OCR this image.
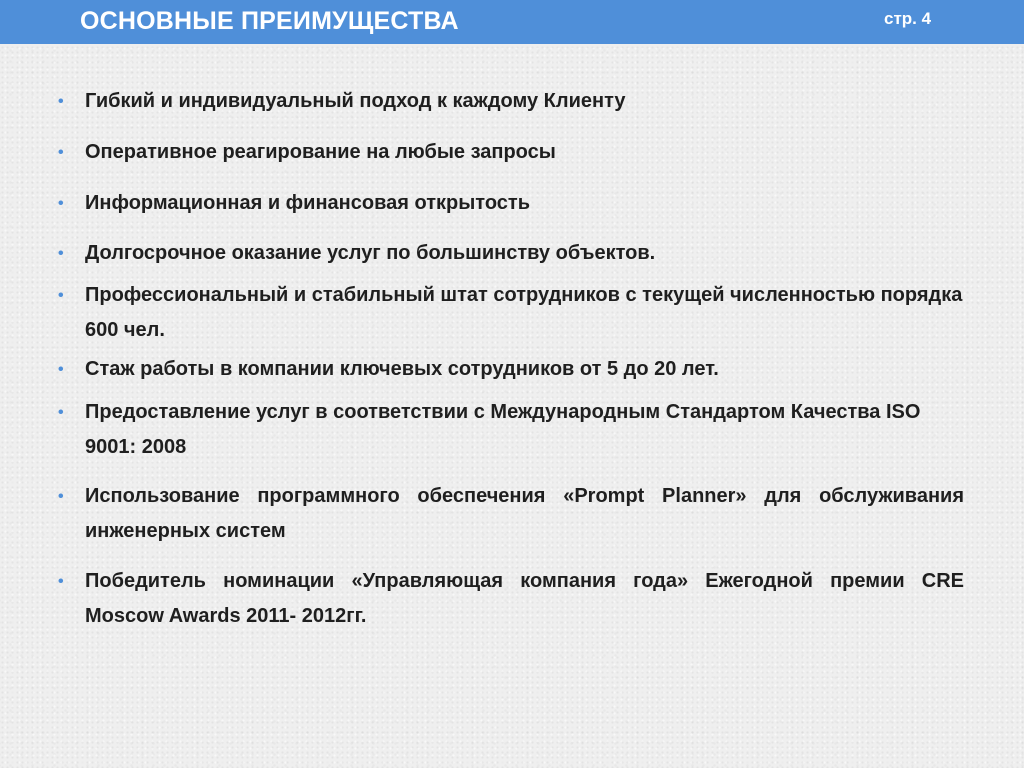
ОСНОВНЫЕ ПРЕИМУЩЕСТВА	стр. 4
•	Гибкий и индивидуальный подход к каждому Клиенту
•	Оперативное реагирование на любые запросы
•	Информационная и финансовая открытость
•	Долгосрочное оказание услуг по большинству объектов.
•	Профессиональный и стабильный штат сотрудников с текущей численностью порядка 600 чел.
•	Стаж работы в компании ключевых сотрудников от 5 до 20 лет.
•	Предоставление услуг в соответствии с Международным Стандартом Качества ISO 9001: 2008
•	Использование программного обеспечения «Prompt Planner» для обслуживания инженерных систем
•	Победитель номинации «Управляющая компания года» Ежегодной премии CRE Moscow Awards 2011- 2012гг.
